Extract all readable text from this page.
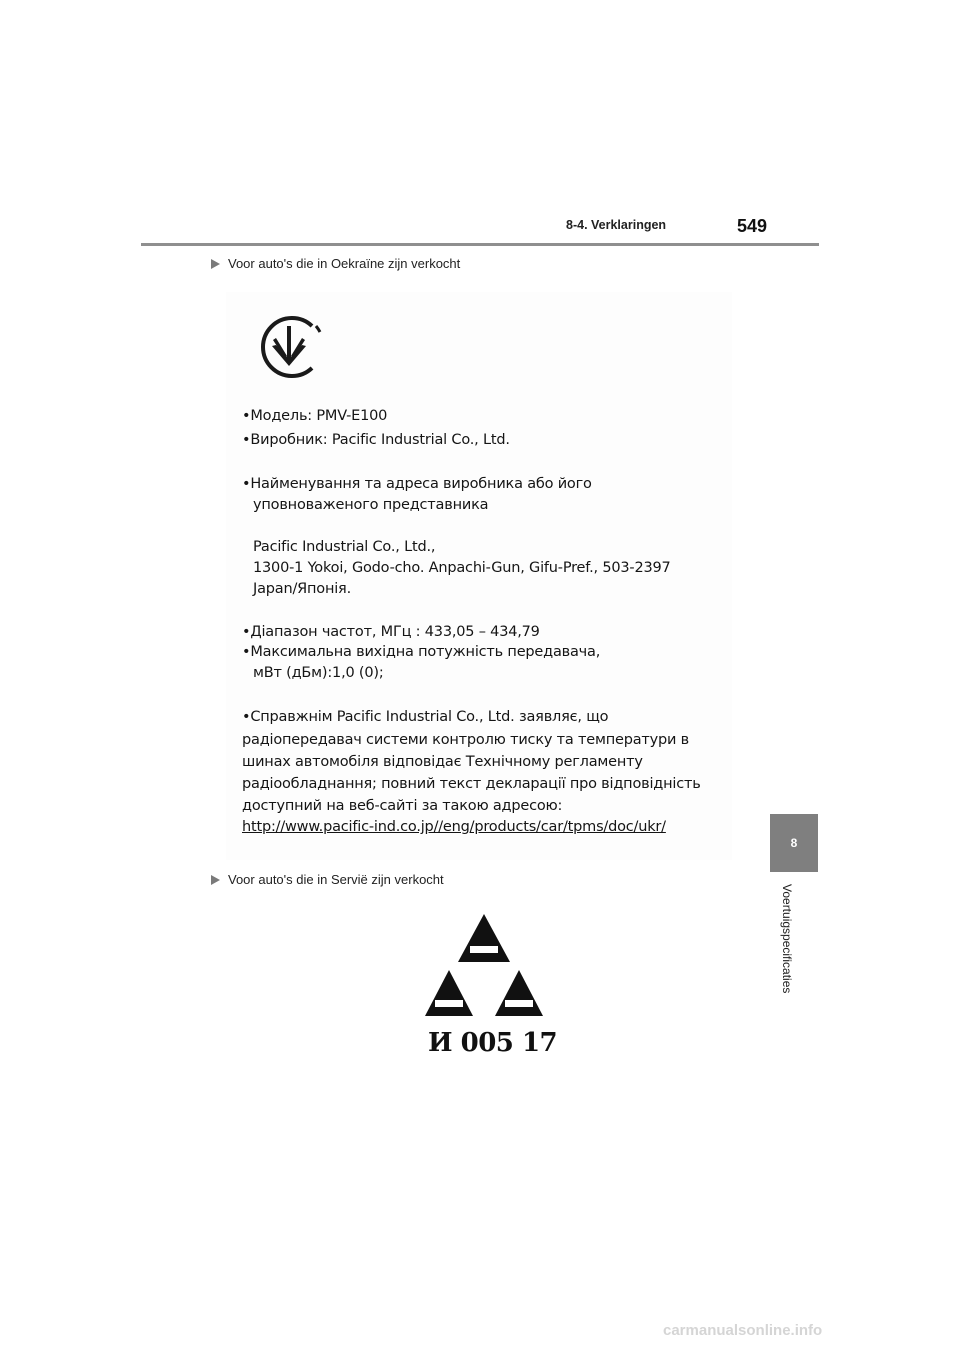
8-4. Verklaringen	549
8
Voertuigspecificaties
Voor auto's die in Oekraïne zijn verkocht
•Модель: PMV-E100
•Виробник: Pacific Industrial Co., Ltd.
•Найменування та адреса виробника або його
уповноваженого представника
Pacific Industrial Co., Ltd.,
1300-1 Yokoi, Godo-cho. Anpachi-Gun, Gifu-Pref., 503-2397
Japan/Японія.
•Діапазон частот, МГц : 433,05 – 434,79
•Максимальна вихідна потужність передавача,
мВт (дБм):1,0 (0);
•Справжнім Pacific Industrial Co., Ltd. заявляє, що
радіопередавач системи контролю тиску та температури в
шинах автомобіля відповідає Технічному регламенту
радіообладнання; повний текст декларації про відповідність
доступний на веб-сайті за такою адресою:
http://www.pacific-ind.co.jp//eng/products/car/tpms/doc/ukr/
Voor auto's die in Servië zijn verkocht
И 005 17
carmanualsonline.info
